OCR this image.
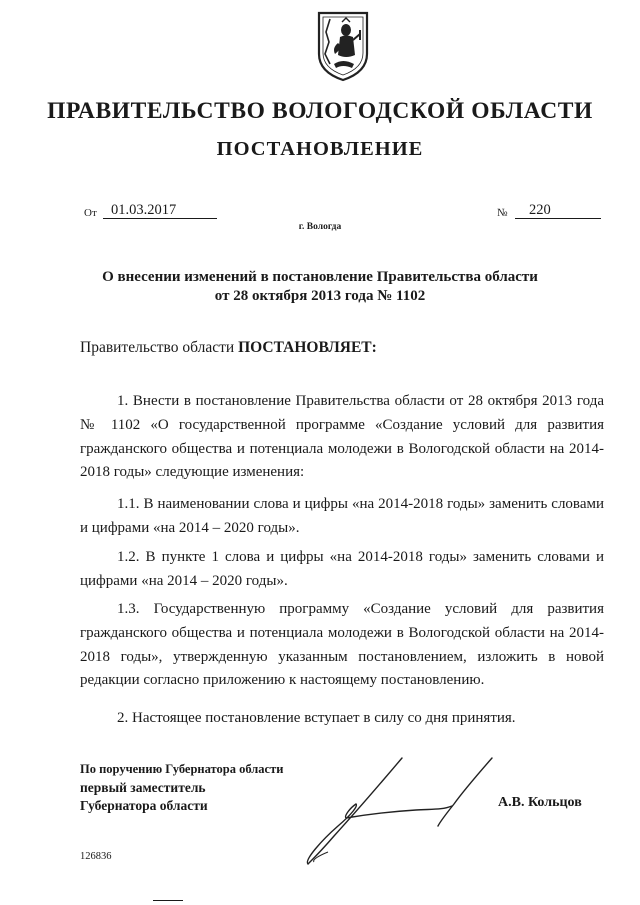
ПРАВИТЕЛЬСТВО ВОЛОГОДСКОЙ ОБЛАСТИ
ПОСТАНОВЛЕНИЕ
От 01.03.2017	№	220
г. Вологда
О внесении изменений в постановление Правительства области
от 28 октября 2013 года № 1102
Правительство области ПОСТАНОВЛЯЕТ:
1. Внести в постановление Правительства области от 28 октября 2013 года № 1102 «О государственной программе «Создание условий для развития гражданского общества и потенциала молодежи в Вологодской области на 2014-2018 годы» следующие изменения:
1.1. В наименовании слова и цифры «на 2014-2018 годы» заменить словами и цифрами «на 2014 – 2020 годы».
1.2. В пункте 1 слова и цифры «на 2014-2018 годы» заменить словами и цифрами «на 2014 – 2020 годы».
1.3. Государственную программу «Создание условий для развития гражданского общества и потенциала молодежи в Вологодской области на 2014-2018 годы», утвержденную указанным постановлением, изложить в новой редакции согласно приложению к настоящему постановлению.
2. Настоящее постановление вступает в силу со дня принятия.
По поручению Губернатора области
первый заместитель
Губернатора области	А.В. Кольцов
126836
